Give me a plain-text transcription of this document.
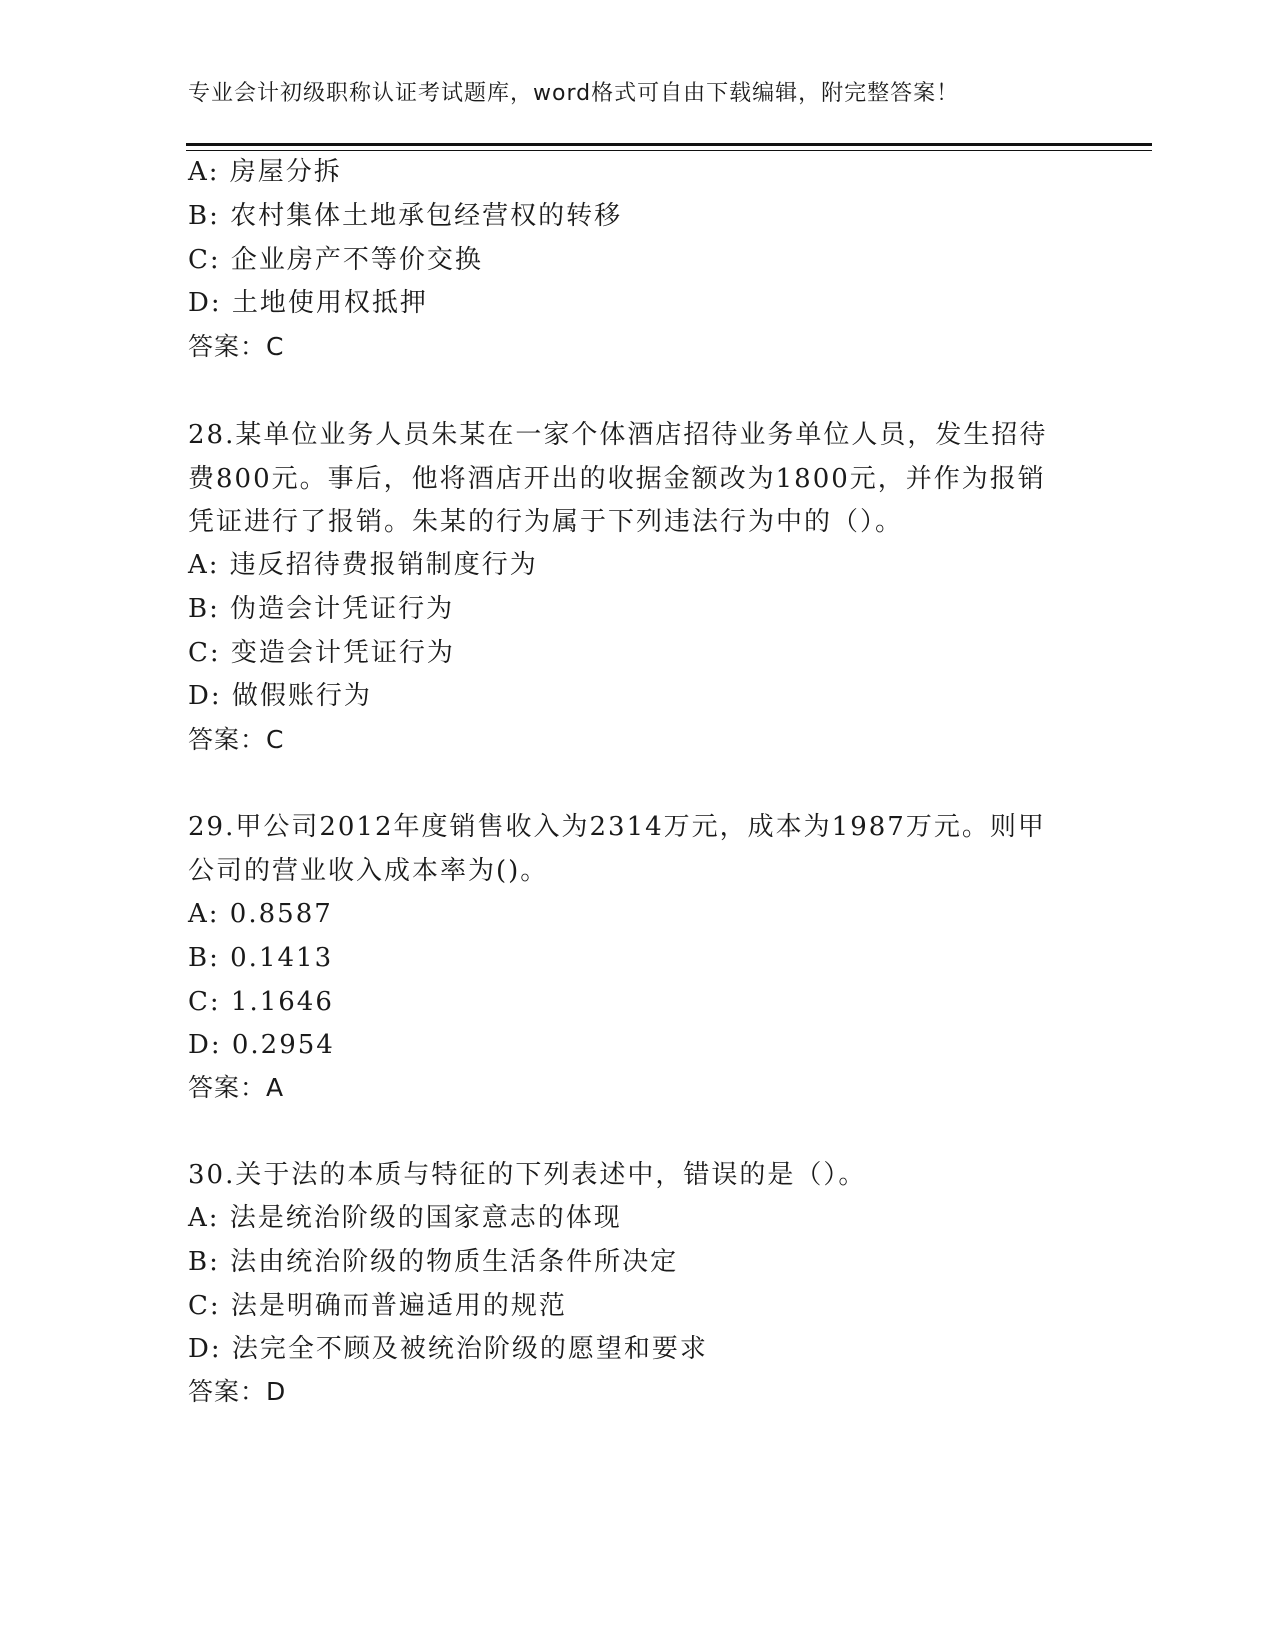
专业会计初级职称认证考试题库，word格式可自由下载编辑，附完整答案！
A: 房屋分拆
B: 农村集体土地承包经营权的转移
C: 企业房产不等价交换
D: 土地使用权抵押
答案：C
28.某单位业务人员朱某在一家个体酒店招待业务单位人员，发生招待
费800元。事后，他将酒店开出的收据金额改为1800元，并作为报销
凭证进行了报销。朱某的行为属于下列违法行为中的（）。
A: 违反招待费报销制度行为
B: 伪造会计凭证行为
C: 变造会计凭证行为
D: 做假账行为
答案：C
29.甲公司2012年度销售收入为2314万元，成本为1987万元。则甲
公司的营业收入成本率为()。
A: 0.8587
B: 0.1413
C: 1.1646
D: 0.2954
答案：A
30.关于法的本质与特征的下列表述中，错误的是（）。
A: 法是统治阶级的国家意志的体现
B: 法由统治阶级的物质生活条件所决定
C: 法是明确而普遍适用的规范
D: 法完全不顾及被统治阶级的愿望和要求
答案：D
